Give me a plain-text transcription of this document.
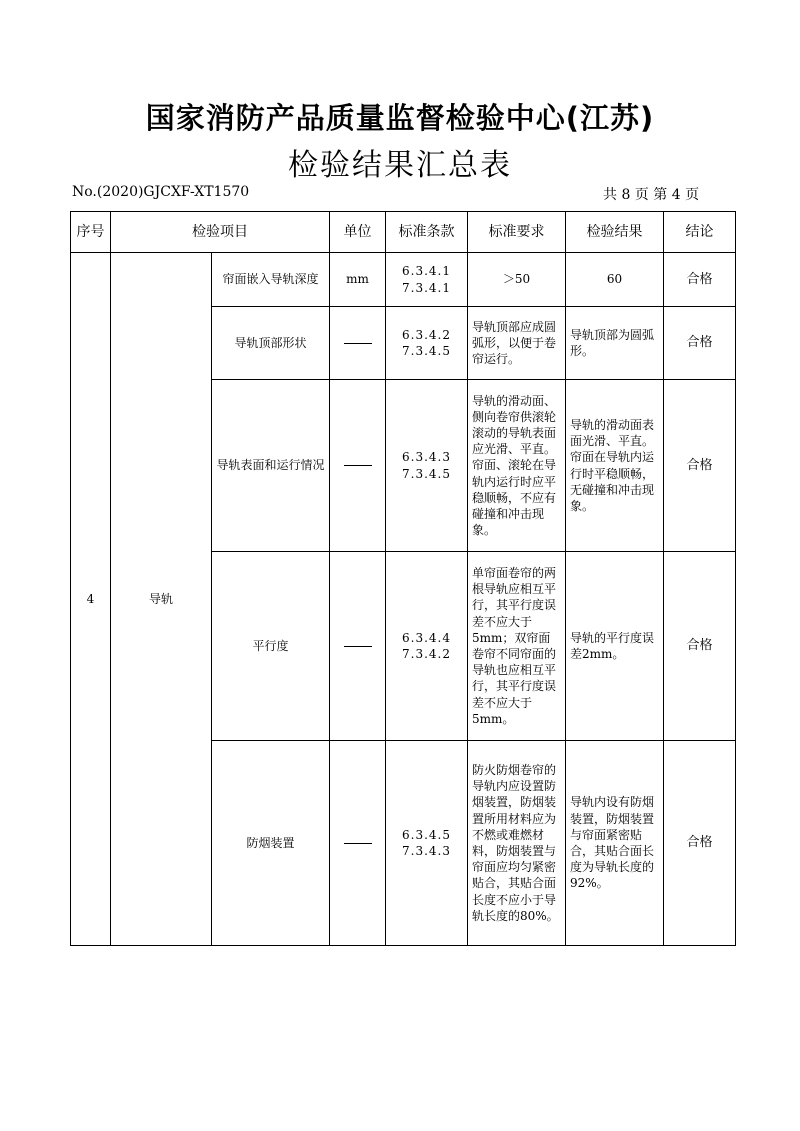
国家消防产品质量监督检验中心(江苏)
检验结果汇总表
No.(2020)GJCXF-XT1570	共 8 页 第 4 页
序号	检验项目		单位	标准条款	标准要求	检验结果	结论
4	导轨	帘面嵌入导轨深度	mm	6.3.4.1
7.3.4.1	＞50	60	合格
		导轨顶部形状		6.3.4.2
7.3.4.5	导轨顶部应成圆弧形，以便于卷帘运行。	导轨顶部为圆弧形。	合格
		导轨表面和运行情况		6.3.4.3
7.3.4.5	导轨的滑动面、侧向卷帘供滚轮滚动的导轨表面应光滑、平直。帘面、滚轮在导轨内运行时应平稳顺畅，不应有碰撞和冲击现象。	导轨的滑动面表面光滑、平直。帘面在导轨内运行时平稳顺畅，无碰撞和冲击现象。	合格
		平行度		6.3.4.4
7.3.4.2	单帘面卷帘的两根导轨应相互平行，其平行度误差不应大于5mm；双帘面卷帘不同帘面的导轨也应相互平行，其平行度误差不应大于5mm。	导轨的平行度误差2mm。	合格
		防烟装置		6.3.4.5
7.3.4.3	防火防烟卷帘的导轨内应设置防烟装置，防烟装置所用材料应为不燃或难燃材料，防烟装置与帘面应均匀紧密贴合，其贴合面长度不应小于导轨长度的80%。	导轨内设有防烟装置，防烟装置与帘面紧密贴合，其贴合面长度为导轨长度的92%。	合格
